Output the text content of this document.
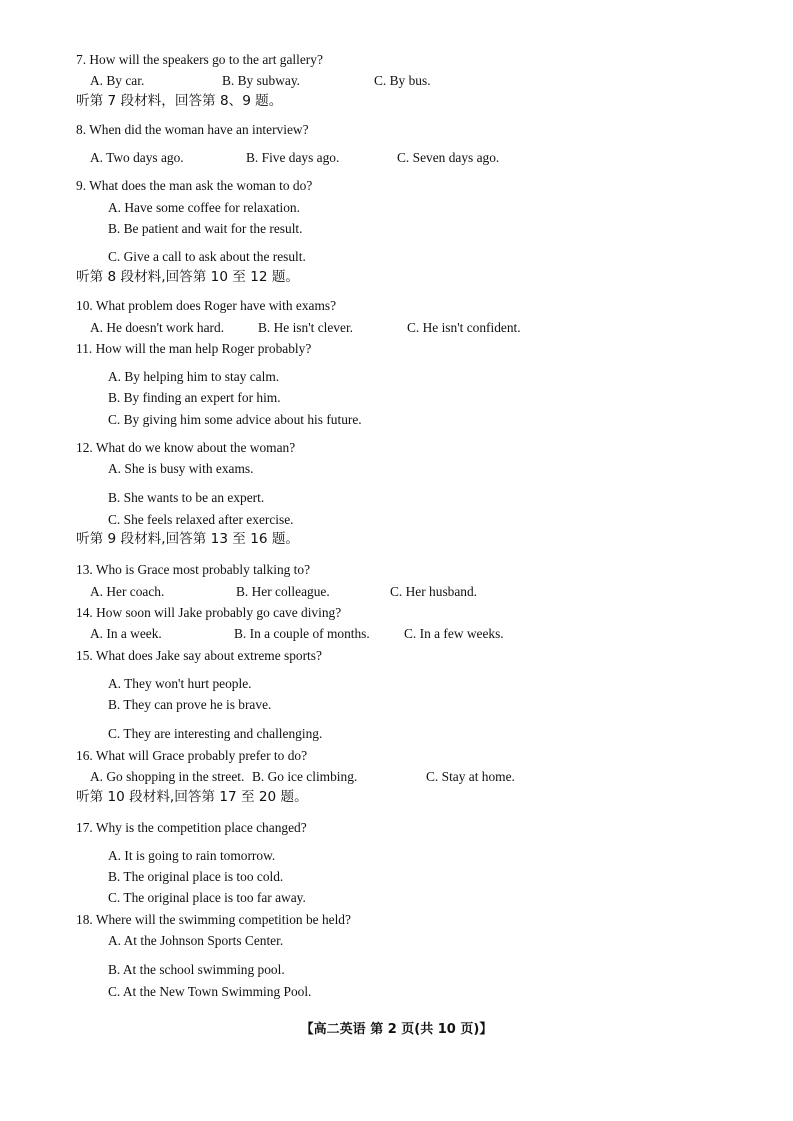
7. How will the speakers go to the art gallery?
A. By car.	B. By subway.	C. By bus.
听第 7 段材料，回答第 8、9 题。
8. When did the woman have an interview?
A. Two days ago.	B. Five days ago.	C. Seven days ago.
9. What does the man ask the woman to do?
A. Have some coffee for relaxation.
B. Be patient and wait for the result.
C. Give a call to ask about the result.
听第 8 段材料,回答第 10 至 12 题。
10. What problem does Roger have with exams?
A. He doesn't work hard.	B. He isn't clever.	C. He isn't confident.
11. How will the man help Roger probably?
A. By helping him to stay calm.
B. By finding an expert for him.
C. By giving him some advice about his future.
12. What do we know about the woman?
A. She is busy with exams.
B. She wants to be an expert.
C. She feels relaxed after exercise.
听第 9 段材料,回答第 13 至 16 题。
13. Who is Grace most probably talking to?
A. Her coach.	B. Her colleague.	C. Her husband.
14. How soon will Jake probably go cave diving?
A. In a week.	B. In a couple of months.	C. In a few weeks.
15. What does Jake say about extreme sports?
A. They won't hurt people.
B. They can prove he is brave.
C. They are interesting and challenging.
16. What will Grace probably prefer to do?
A. Go shopping in the street. B. Go ice climbing.	C. Stay at home.
听第 10 段材料,回答第 17 至 20 题。
17. Why is the competition place changed?
A. It is going to rain tomorrow.
B. The original place is too cold.
C. The original place is too far away.
18. Where will the swimming competition be held?
A. At the Johnson Sports Center.
B. At the school swimming pool.
C. At the New Town Swimming Pool.
【高二英语 第 2 页(共 10 页)】
